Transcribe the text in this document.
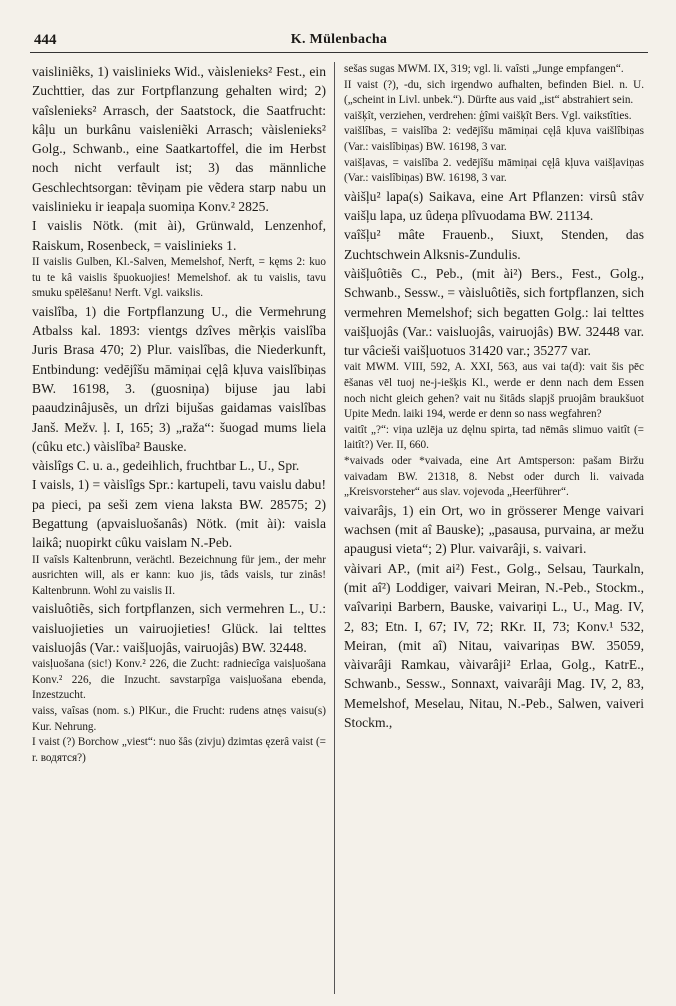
444	K. Mülenbacha

vaisliniẽks, 1) vaislinieks Wid., vàislenieks² Fest., ein Zuchttier, das zur Fortpflanzung gehalten wird; 2) vaîslenieks² Arrasch, der Saatstock, die Saatfrucht: kâļu un burkânu vaisleniẽki Arrasch; vàislenieks² Golg., Schwanb., eine Saatkartoffel, die im Herbst noch nicht verfault ist; 3) das männliche Geschlechtsorgan: tẽviņam pie vẽdera starp nabu un vaislinieku ir ieapaļa suomiņa Konv.² 2825.

I vaislis Nötk. (mit ài), Grünwald, Lenzenhof, Raiskum, Rosenbeck, = vaislinieks 1.

II vaislis Gulben, Kl.-Salven, Memelshof, Nerft, = kęms 2: kuo tu te kâ vaislis špuokuojies! Memelshof. ak tu vaislis, tavu smuku spēlēšanu! Nerft. Vgl. vaikslis.

vaislîba, 1) die Fortpflanzung U., die Vermehrung Atbalss kal. 1893: vientgs dzîves mẽrķis vaislîba Juris Brasa 470; 2) Plur. vaislîbas, die Niederkunft, Entbindung: vedējîšu māmiņai cęļâ kļuva vaislîbiņas BW. 16198, 3. (guosniņa) bijuse jau labi paaudzinâjusẽs, un drîzi bijušas gaidamas vaislîbas Janš. Mežv. ļ. I, 165; 3) „raža“: šuogad mums liela (cûku etc.) vàislîba² Bauske.

vàislîgs C. u. a., gedeihlich, fruchtbar L., U., Spr.

I vaisls, 1) = vàislîgs Spr.: kartupeli, tavu vaislu dabu! pa pieci, pa seši zem viena laksta BW. 28575; 2) Begattung (apvaisluošanâs) Nötk. (mit ài): vaisla laikâ; nuopirkt cûku vaislam N.-Peb.

II vaîsls Kaltenbrunn, verächtl. Bezeichnung für jem., der mehr ausrichten will, als er kann: kuo jis, tâds vaisls, tur zinâs! Kaltenbrunn. Wohl zu vaislis II.

vaisluôtiẽs, sich fortpflanzen, sich vermehren L., U.: vaisluojieties un vairuojieties! Glück. lai telttes vaisluojâs (Var.: vaišļuojâs, vairuojâs) BW. 32448.

vaisļuošana (sic!) Konv.² 226, die Zucht: radniecîga vaisļuošana Konv.² 226, die Inzucht. savstarpîga vaisļuošana ebenda, Inzestzucht.

vaiss, vaîsas (nom. s.) PlKur., die Frucht: rudens atnęs vaisu(s) Kur. Nehrung.

I vaist (?) Borchow „viest“: nuo šâs (zivju) dzimtas ęzerâ vaist (= r. водятся?)

sešas sugas MWM. IX, 319; vgl. li. vaîsti „Junge empfangen“.

II vaist (?), -du, sich irgendwo aufhalten, befinden Biel. n. U. („scheint in Livl. unbek.“). Dürfte aus vaid „ist“ abstrahiert sein.

vaišķît, verziehen, verdrehen: ģîmi vaišķît Bers. Vgl. vaikstîties.

vaišlîbas, = vaislîba 2: vedējîšu māmiņai cęļâ kļuva vaišlîbiņas (Var.: vaislîbiņas) BW. 16198, 3 var.

vaišļavas, = vaislîba 2. vedējîšu māmiņai cęļâ kļuva vaišļaviņas (Var.: vaislîbiņas) BW. 16198, 3 var.

vàišļu² lapa(s) Saikava, eine Art Pflanzen: virsû stâv vaišļu lapa, uz ûdeņa plîvuodama BW. 21134.

vaîšļu² mâte Frauenb., Siuxt, Stenden, das Zuchtschwein Alksnis-Zundulis.

vàišļuôtiẽs C., Peb., (mit ài²) Bers., Fest., Golg., Schwanb., Sessw., = vàisluôtiẽs, sich fortpflanzen, sich vermehren Memelshof; sich begatten Golg.: lai telttes vaišļuojâs (Var.: vaisluojâs, vairuojâs) BW. 32448 var. tur vâcieši vaišļuotuos 31420 var.; 35277 var.

vait MWM. VIII, 592, A. XXI, 563, aus vai ta(d): vait šis pēc ēšanas vēl tuoj ne-j-iešķis Kl., werde er denn nach dem Essen noch nicht gleich gehen? vait nu šitâds slapjš pruojâm braukšuot Upite Medn. laiki 194, werde er denn so nass wegfahren?

vaitît „?“: viņa uzlēja uz dęlnu spirta, tad nēmâs slimuo vaitît (= laitît?) Ver. II, 660.

*vaivads oder *vaivada, eine Art Amtsperson: pašam Biržu vaivadam BW. 21318, 8. Nebst oder durch li. vaivada „Kreisvorsteher“ aus slav. vojevoda „Heerführer“.

vaivarâjs, 1) ein Ort, wo in grösserer Menge vaivari wachsen (mit aî Bauske); „pasausa, purvaina, ar mežu apaugusi vieta“; 2) Plur. vaivarâji, s. vaivari.

vàivari AP., (mit ai²) Fest., Golg., Selsau, Taurkaln, (mit aî²) Loddiger, vaivari Meiran, N.-Peb., Stockm., vaîvariņi Barbern, Bauske, vaivariņi L., U., Mag. IV, 2, 83; Etn. I, 67; IV, 72; RKr. II, 73; Konv.¹ 532, Meiran, (mit aî) Nitau, vaivariņas BW. 35059, vàivarâji Ramkau, vàivarâji² Erlaa, Golg., KatrE., Schwanb., Sessw., Sonnaxt, vaivarâji Mag. IV, 2, 83, Memelshof, Meselau, Nitau, N.-Peb., Salwen, vaiveri Stockm.,
